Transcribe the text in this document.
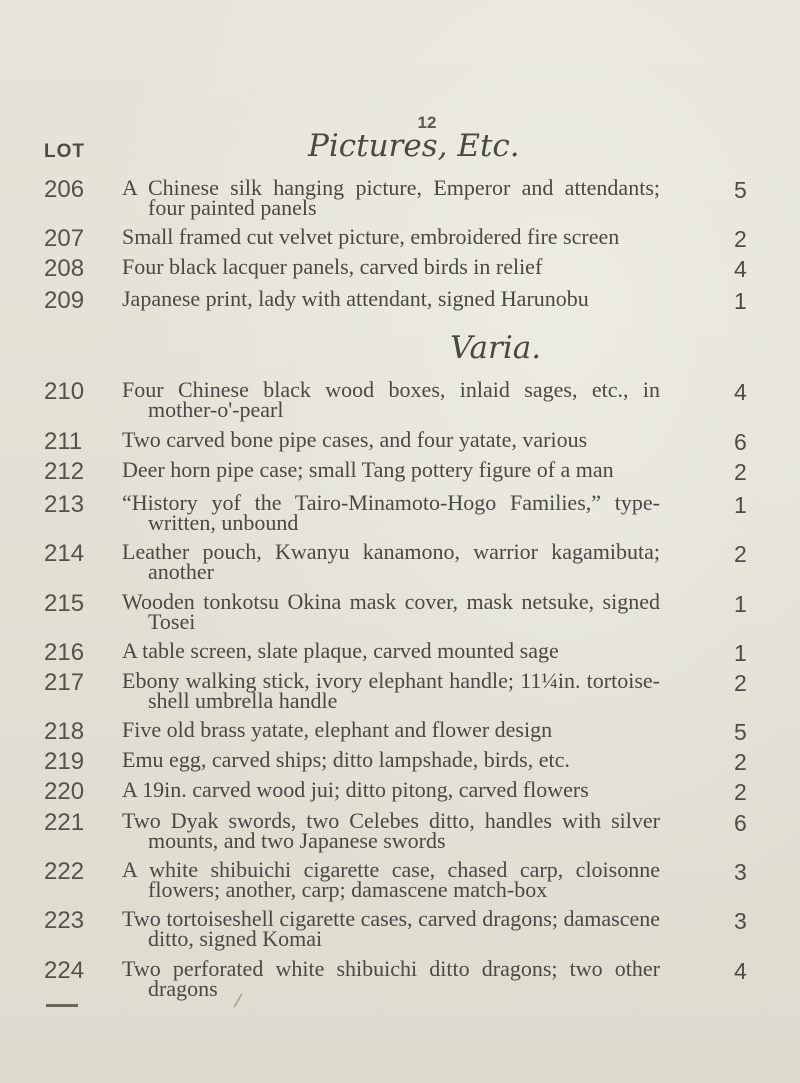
12
LOT	Pictures, Etc.
Varia.
206 A Chinese silk hanging picture, Emperor and attendants;
four painted panels
5
207 Small framed cut velvet picture, embroidered fire screen	2
208 Four black lacquer panels, carved birds in relief	4
209 Japanese print, lady with attendant, signed Harunobu	1
210 Four Chinese black wood boxes, inlaid sages, etc., in
mother-o'-pearl
4
211 Two carved bone pipe cases, and four yatate, various	6
212 Deer horn pipe case; small Tang pottery figure of a man	2
213 “History yof the Tairo-Minamoto-Hogo Families,” type-
written, unbound
1
214 Leather pouch, Kwanyu kanamono, warrior kagamibuta;
another
2
215 Wooden tonkotsu Okina mask cover, mask netsuke, signed
Tosei
1
216 A table screen, slate plaque, carved mounted sage	1
217 Ebony walking stick, ivory elephant handle; 11¼in. tortoise-
shell umbrella handle
2
218 Five old brass yatate, elephant and flower design	5
219 Emu egg, carved ships; ditto lampshade, birds, etc.	2
220 A 19in. carved wood jui; ditto pitong, carved flowers	2
221 Two Dyak swords, two Celebes ditto, handles with silver
mounts, and two Japanese swords
6
222 A white shibuichi cigarette case, chased carp, cloisonne
flowers; another, carp; damascene match-box
3
223 Two tortoiseshell cigarette cases, carved dragons; damascene
ditto, signed Komai
3
224 Two perforated white shibuichi ditto dragons; two other
dragons
4
